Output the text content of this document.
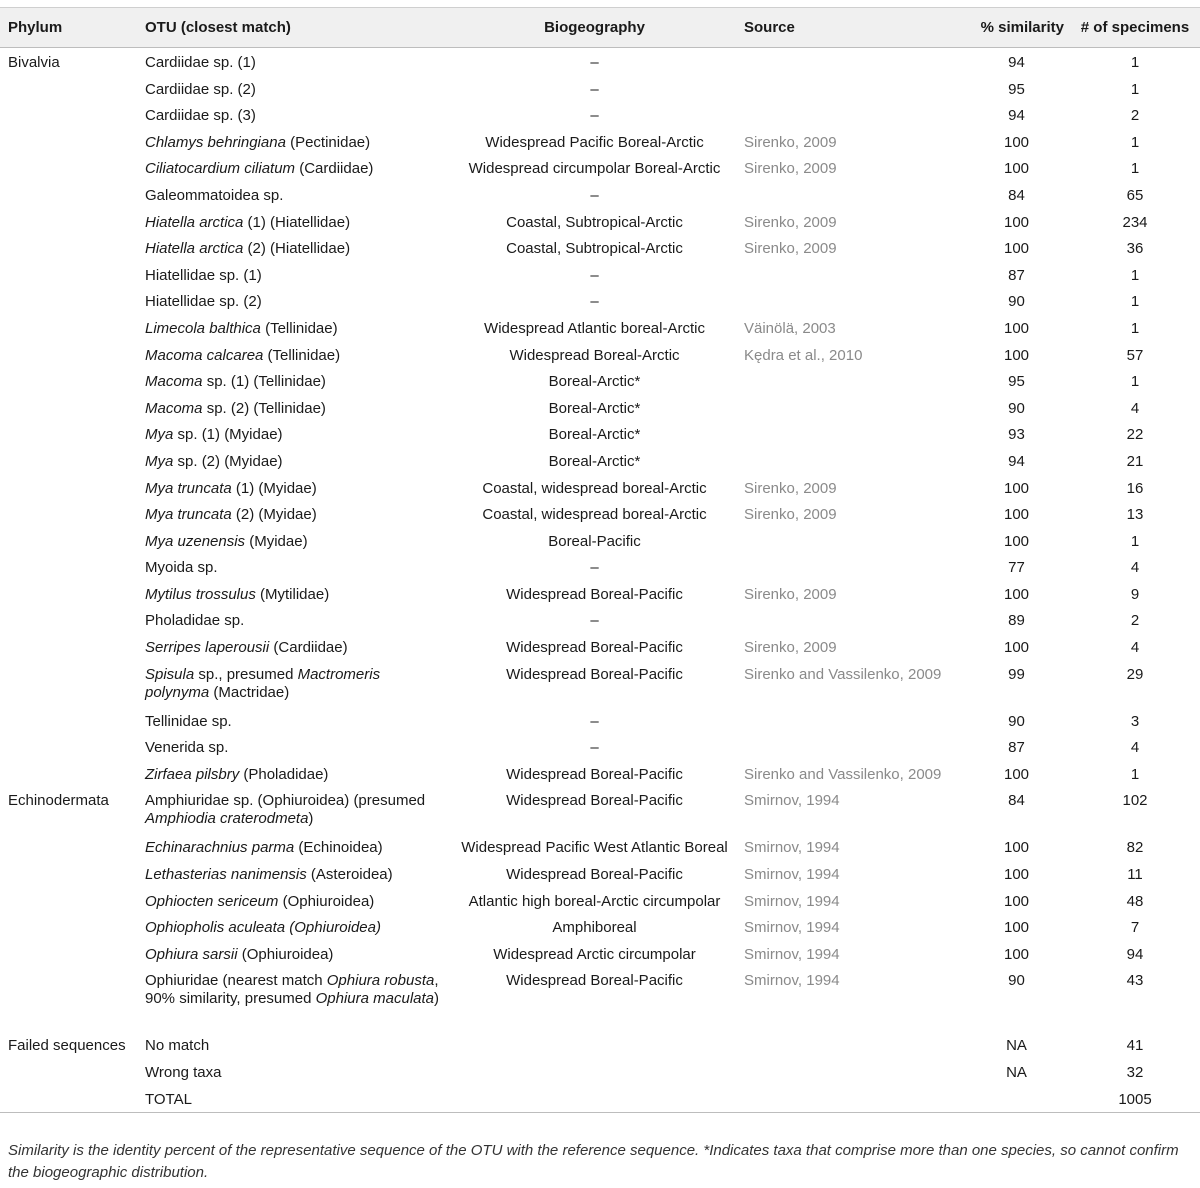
Phylum	OTU (closest match)	Biogeography	Source	% similarity	# of specimens
Bivalvia	Cardiidae sp. (1)	–		94	1
	Cardiidae sp. (2)	–		95	1
	Cardiidae sp. (3)	–		94	2
	Chlamys behringiana (Pectinidae)	Widespread Pacific Boreal-Arctic	Sirenko, 2009	100	1
	Ciliatocardium ciliatum (Cardiidae)	Widespread circumpolar Boreal-Arctic	Sirenko, 2009	100	1
	Galeommatoidea sp.	–		84	65
	Hiatella arctica (1) (Hiatellidae)	Coastal, Subtropical-Arctic	Sirenko, 2009	100	234
	Hiatella arctica (2) (Hiatellidae)	Coastal, Subtropical-Arctic	Sirenko, 2009	100	36
	Hiatellidae sp. (1)	–		87	1
	Hiatellidae sp. (2)	–		90	1
	Limecola balthica (Tellinidae)	Widespread Atlantic boreal-Arctic	Väinölä, 2003	100	1
	Macoma calcarea (Tellinidae)	Widespread Boreal-Arctic	Kędra et al., 2010	100	57
	Macoma sp. (1) (Tellinidae)	Boreal-Arctic*		95	1
	Macoma sp. (2) (Tellinidae)	Boreal-Arctic*		90	4
	Mya sp. (1) (Myidae)	Boreal-Arctic*		93	22
	Mya sp. (2) (Myidae)	Boreal-Arctic*		94	21
	Mya truncata (1) (Myidae)	Coastal, widespread boreal-Arctic	Sirenko, 2009	100	16
	Mya truncata (2) (Myidae)	Coastal, widespread boreal-Arctic	Sirenko, 2009	100	13
	Mya uzenensis (Myidae)	Boreal-Pacific		100	1
	Myoida sp.	–		77	4
	Mytilus trossulus (Mytilidae)	Widespread Boreal-Pacific	Sirenko, 2009	100	9
	Pholadidae sp.	–		89	2
	Serripes laperousii (Cardiidae)	Widespread Boreal-Pacific	Sirenko, 2009	100	4
	Spisula sp., presumed Mactromeris polynyma (Mactridae)	Widespread Boreal-Pacific	Sirenko and Vassilenko, 2009	99	29
	Tellinidae sp.	–		90	3
	Venerida sp.	–		87	4
	Zirfaea pilsbry (Pholadidae)	Widespread Boreal-Pacific	Sirenko and Vassilenko, 2009	100	1
Echinodermata	Amphiuridae sp. (Ophiuroidea) (presumed Amphiodia craterodmeta)	Widespread Boreal-Pacific	Smirnov, 1994	84	102
	Echinarachnius parma (Echinoidea)	Widespread Pacific West Atlantic Boreal	Smirnov, 1994	100	82
	Lethasterias nanimensis (Asteroidea)	Widespread Boreal-Pacific	Smirnov, 1994	100	11
	Ophiocten sericeum (Ophiuroidea)	Atlantic high boreal-Arctic circumpolar	Smirnov, 1994	100	48
	Ophiopholis aculeata (Ophiuroidea)	Amphiboreal	Smirnov, 1994	100	7
	Ophiura sarsii (Ophiuroidea)	Widespread Arctic circumpolar	Smirnov, 1994	100	94
	Ophiuridae (nearest match Ophiura robusta, 90% similarity, presumed Ophiura maculata)	Widespread Boreal-Pacific	Smirnov, 1994	90	43
Failed sequences	No match			NA	41
	Wrong taxa			NA	32
	TOTAL				1005
Similarity is the identity percent of the representative sequence of the OTU with the reference sequence. *Indicates taxa that comprise more than one species, so cannot confirm the biogeographic distribution.
